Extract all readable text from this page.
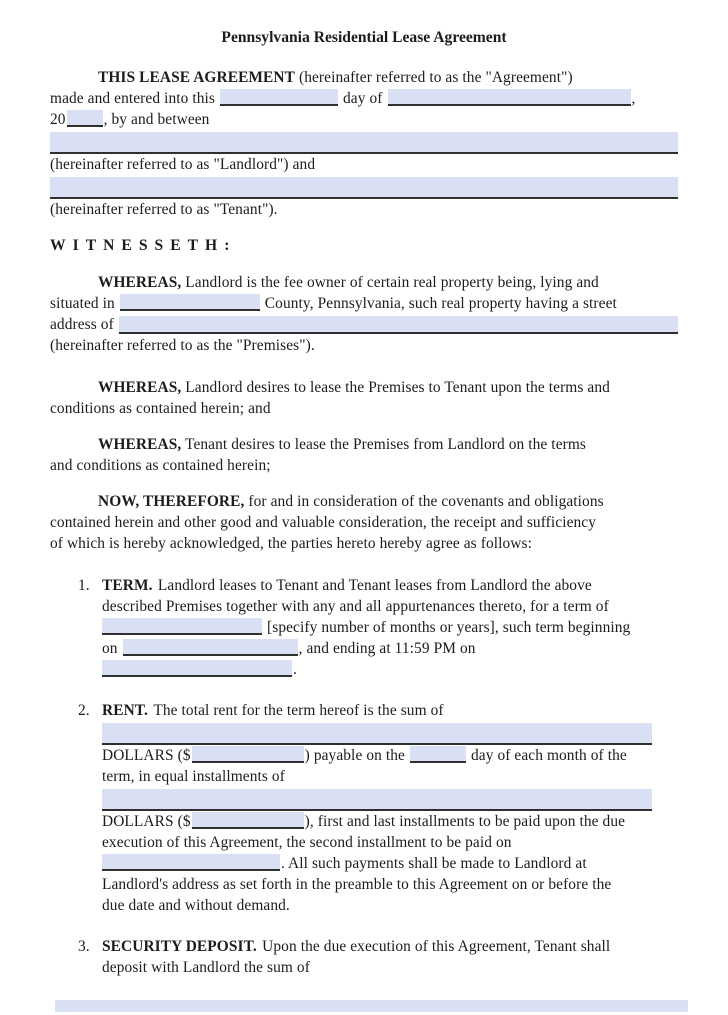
Pennsylvania Residential Lease Agreement
THIS LEASE AGREEMENT (hereinafter referred to as the "Agreement")
made and entered into this	day of	,
20 , by and between
(hereinafter referred to as "Landlord") and
(hereinafter referred to as "Tenant").
WITNESSETH:
WHEREAS, Landlord is the fee owner of certain real property being, lying and
situated in	County, Pennsylvania, such real property having a street
address of
(hereinafter referred to as the "Premises").
WHEREAS, Landlord desires to lease the Premises to Tenant upon the terms and
conditions as contained herein; and
WHEREAS, Tenant desires to lease the Premises from Landlord on the terms
and conditions as contained herein;
NOW, THEREFORE, for and in consideration of the covenants and obligations
contained herein and other good and valuable consideration, the receipt and sufficiency
of which is hereby acknowledged, the parties hereto hereby agree as follows:
1. TERM. Landlord leases to Tenant and Tenant leases from Landlord the above
described Premises together with any and all appurtenances thereto, for a term of
[specify number of months or years], such term beginning
on	, and ending at 11:59 PM on
.
2. RENT. The total rent for the term hereof is the sum of
DOLLARS ($	) payable on the	day of each month of the
term, in equal installments of
DOLLARS ($	), first and last installments to be paid upon the due
execution of this Agreement, the second installment to be paid on
. All such payments shall be made to Landlord at
Landlord's address as set forth in the preamble to this Agreement on or before the
due date and without demand.
3. SECURITY DEPOSIT. Upon the due execution of this Agreement, Tenant shall
deposit with Landlord the sum of
